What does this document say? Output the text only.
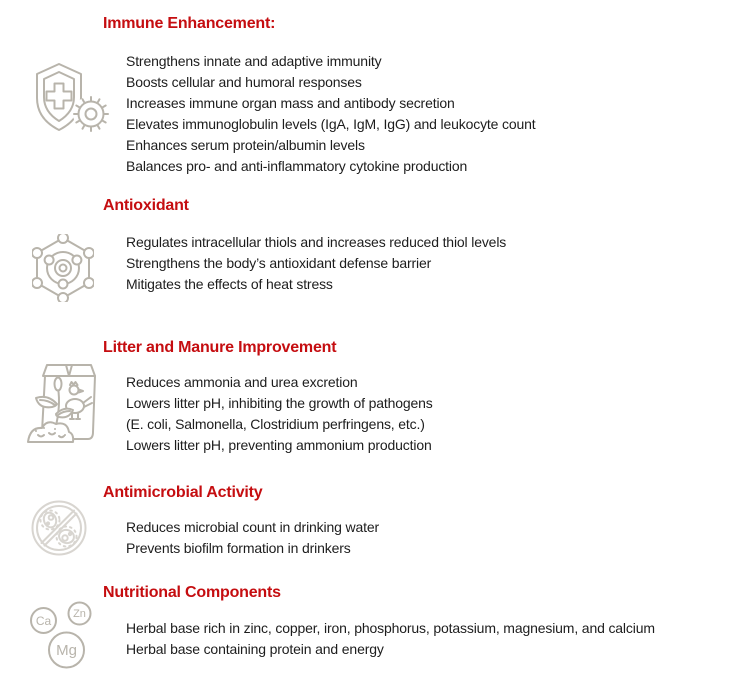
Immune Enhancement:
Strengthens innate and adaptive immunity
Boosts cellular and humoral responses
Increases immune organ mass and antibody secretion
Elevates immunoglobulin levels (IgA, IgM, IgG) and leukocyte count
Enhances serum protein/albumin levels
Balances pro- and anti-inflammatory cytokine production
Antioxidant
Regulates intracellular thiols and increases reduced thiol levels
Strengthens the body’s antioxidant defense barrier
Mitigates the effects of heat stress
Litter and Manure Improvement
Reduces ammonia and urea excretion
Lowers litter pH, inhibiting the growth of pathogens
(E. coli, Salmonella, Clostridium perfringens, etc.)
Lowers litter pH, preventing ammonium production
Antimicrobial Activity
Reduces microbial count in drinking water
Prevents biofilm formation in drinkers
Nutritional Components
Ca Zn
Mg
Herbal base rich in zinc, copper, iron, phosphorus, potassium, magnesium, and calcium
Herbal base containing protein and energy
